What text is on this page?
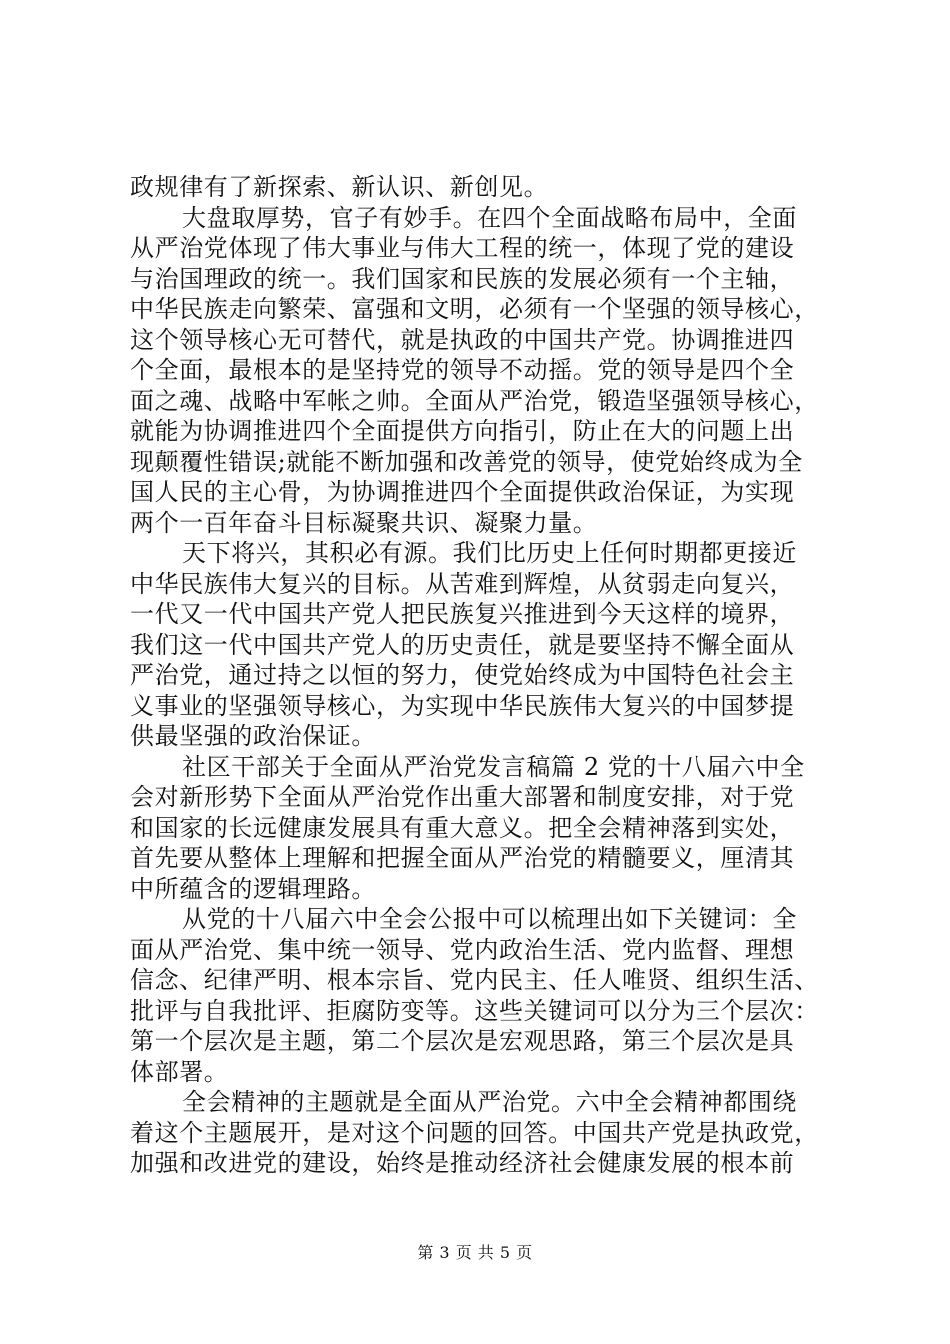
政规律有了新探索、新认识、新创见。
大盘取厚势，官子有妙手。在四个全面战略布局中，全面
从严治党体现了伟大事业与伟大工程的统一，体现了党的建设
与治国理政的统一。我们国家和民族的发展必须有一个主轴，
中华民族走向繁荣、富强和文明，必须有一个坚强的领导核心，
这个领导核心无可替代，就是执政的中国共产党。协调推进四
个全面，最根本的是坚持党的领导不动摇。党的领导是四个全
面之魂、战略中军帐之帅。全面从严治党，锻造坚强领导核心，
就能为协调推进四个全面提供方向指引，防止在大的问题上出
现颠覆性错误;就能不断加强和改善党的领导，使党始终成为全
国人民的主心骨，为协调推进四个全面提供政治保证，为实现
两个一百年奋斗目标凝聚共识、凝聚力量。
天下将兴，其积必有源。我们比历史上任何时期都更接近
中华民族伟大复兴的目标。从苦难到辉煌，从贫弱走向复兴，
一代又一代中国共产党人把民族复兴推进到今天这样的境界，
我们这一代中国共产党人的历史责任，就是要坚持不懈全面从
严治党，通过持之以恒的努力，使党始终成为中国特色社会主
义事业的坚强领导核心，为实现中华民族伟大复兴的中国梦提
供最坚强的政治保证。
社区干部关于全面从严治党发言稿篇 2 党的十八届六中全
会对新形势下全面从严治党作出重大部署和制度安排，对于党
和国家的长远健康发展具有重大意义。把全会精神落到实处，
首先要从整体上理解和把握全面从严治党的精髓要义，厘清其
中所蕴含的逻辑理路。
从党的十八届六中全会公报中可以梳理出如下关键词：全
面从严治党、集中统一领导、党内政治生活、党内监督、理想
信念、纪律严明、根本宗旨、党内民主、任人唯贤、组织生活、
批评与自我批评、拒腐防变等。这些关键词可以分为三个层次：
第一个层次是主题，第二个层次是宏观思路，第三个层次是具
体部署。
全会精神的主题就是全面从严治党。六中全会精神都围绕
着这个主题展开，是对这个问题的回答。中国共产党是执政党，
加强和改进党的建设，始终是推动经济社会健康发展的根本前
第 3 页 共 5 页
